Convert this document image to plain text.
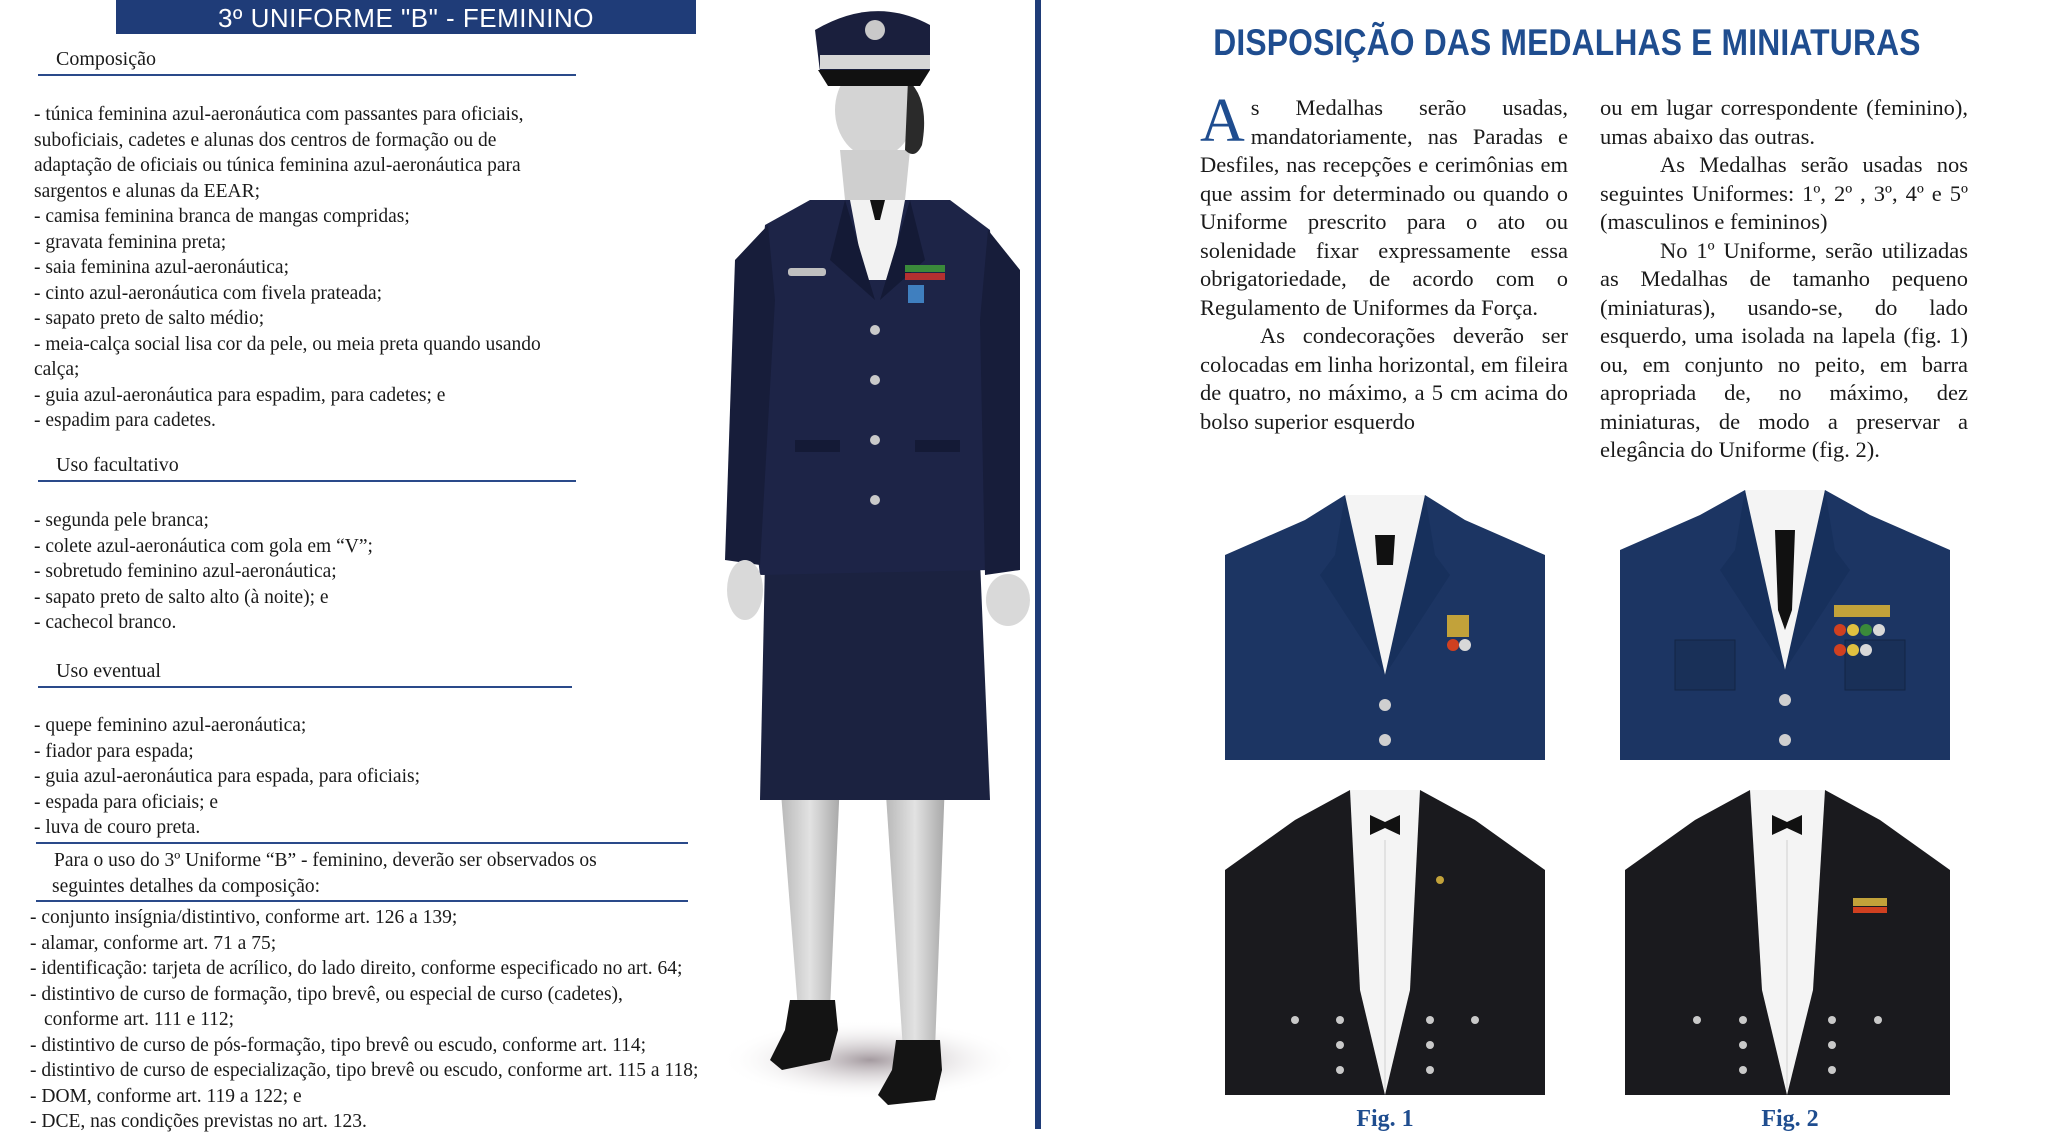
3º UNIFORME "B" - FEMININO
Composição
- túnica feminina azul-aeronáutica com passantes para oficiais,
suboficiais, cadetes e alunas dos centros de formação ou de
adaptação de oficiais ou túnica feminina azul-aeronáutica para
sargentos e alunas da EEAR;
- camisa feminina branca de mangas compridas;
- gravata feminina preta;
- saia feminina azul-aeronáutica;
- cinto azul-aeronáutica com fivela prateada;
- sapato preto de salto médio;
- meia-calça social lisa cor da pele, ou meia preta quando usando
calça;
- guia azul-aeronáutica para espadim, para cadetes; e
- espadim para cadetes.
Uso facultativo
- segunda pele branca;
- colete azul-aeronáutica com gola em “V”;
- sobretudo feminino azul-aeronáutica;
- sapato preto de salto alto (à noite); e
- cachecol branco.
Uso eventual
- quepe feminino azul-aeronáutica;
- fiador para espada;
- guia azul-aeronáutica para espada, para oficiais;
- espada para oficiais; e
- luva de couro preta.
Para o uso do 3º Uniforme “B” - feminino, deverão ser observados os
seguintes detalhes da composição:
- conjunto insígnia/distintivo, conforme art. 126 a 139;
- alamar, conforme art. 71 a 75;
- identificação: tarjeta de acrílico, do lado direito, conforme especificado no art. 64;
- distintivo de curso de formação, tipo brevê, ou especial de curso (cadetes),
conforme art. 111 e 112;
- distintivo de curso de pós-formação, tipo brevê ou escudo, conforme art. 114;
- distintivo de curso de especialização, tipo brevê ou escudo, conforme art. 115 a 118;
- DOM, conforme art. 119 a 122; e
- DCE, nas condições previstas no art. 123.
DISPOSIÇÃO DAS MEDALHAS E MINIATURAS

As Medalhas serão usadas, mandatoriamente, nas Paradas e Desfiles, nas recepções e cerimônias em que assim for determinado ou quando o Uniforme prescrito para o ato ou solenidade fixar expressamente essa obrigatoriedade, de acordo com o Regulamento de Uniformes da Força.

As condecorações deverão ser colocadas em linha horizontal, em fileira de quatro, no máximo, a 5 cm acima do bolso superior esquerdo

ou em lugar correspondente (feminino), umas abaixo das outras.

As Medalhas serão usadas nos seguintes Uniformes: 1º, 2º , 3º, 4º e 5º (masculinos e femininos)

No 1º Uniforme, serão utilizadas as Medalhas de tamanho pequeno (miniaturas), usando-se, do lado esquerdo, uma isolada na lapela (fig. 1) ou, em conjunto no peito, em barra apropriada de, no máximo, dez miniaturas, de modo a preservar a elegância do Uniforme (fig. 2).

Fig. 1	Fig. 2
